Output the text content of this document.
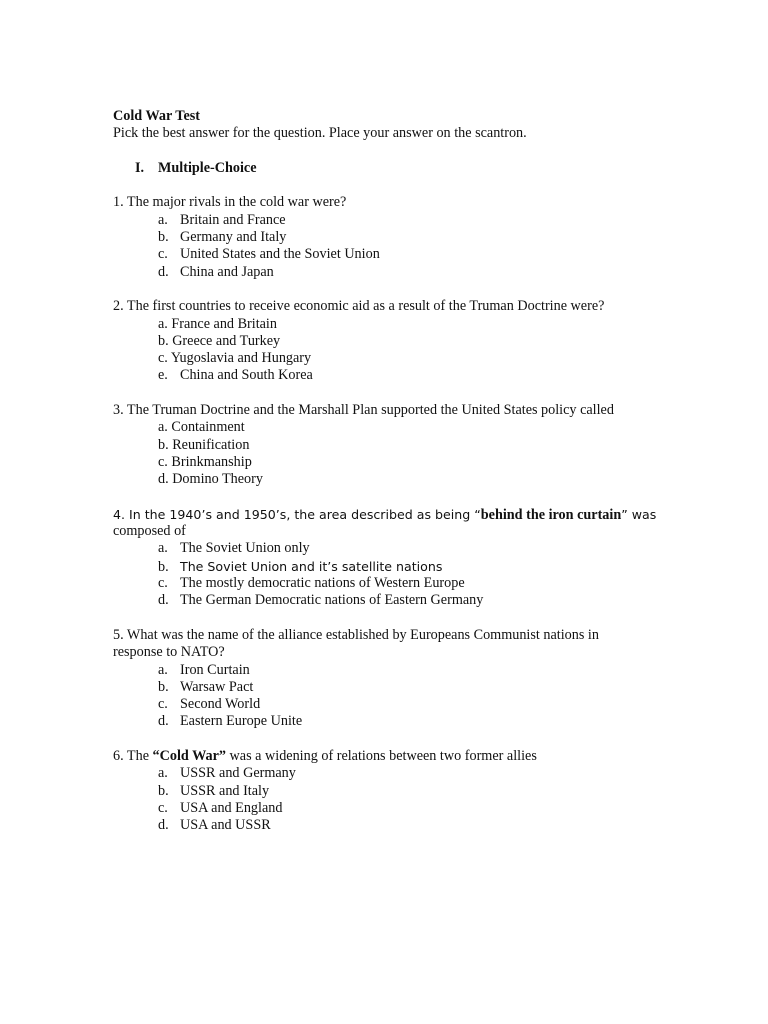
Cold War Test
Pick the best answer for the question. Place your answer on the scantron.
I. Multiple-Choice
1. The major rivals in the cold war were?
a. Britain and France
b. Germany and Italy
c. United States and the Soviet Union
d. China and Japan
2. The first countries to receive economic aid as a result of the Truman Doctrine were?
a. France and Britain
b. Greece and Turkey
c. Yugoslavia and Hungary
e. China and South Korea
3. The Truman Doctrine and the Marshall Plan supported the United States policy called
a. Containment
b. Reunification
c. Brinkmanship
d. Domino Theory
4. In the 1940’s and 1950’s, the area described as being “behind the iron curtain” was
composed of
a. The Soviet Union only
b. The Soviet Union and it’s satellite nations
c. The mostly democratic nations of Western Europe
d. The German Democratic nations of Eastern Germany
5. What was the name of the alliance established by Europeans Communist nations in
response to NATO?
a. Iron Curtain
b. Warsaw Pact
c. Second World
d. Eastern Europe Unite
6. The “Cold War” was a widening of relations between two former allies
a. USSR and Germany
b. USSR and Italy
c. USA and England
d. USA and USSR
